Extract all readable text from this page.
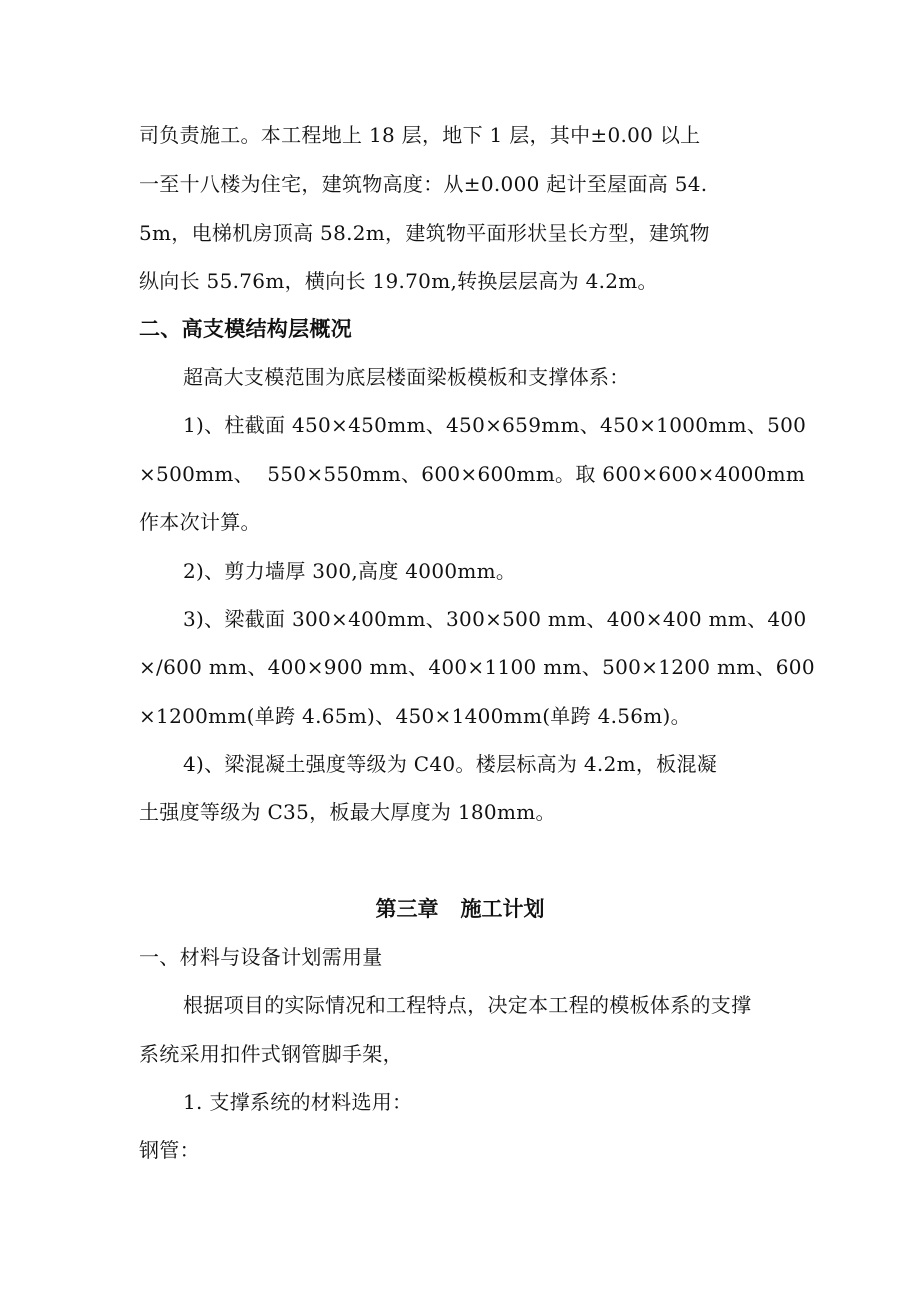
司负责施工。本工程地上 18 层，地下 1 层，其中±0.00 以上
一至十八楼为住宅，建筑物高度：从±0.000 起计至屋面高 54.
5m，电梯机房顶高 58.2m，建筑物平面形状呈长方型，建筑物
纵向长 55.76m，横向长 19.70m,转换层层高为 4.2m。
二、高支模结构层概况
超高大支模范围为底层楼面梁板模板和支撑体系：
1)、柱截面 450×450mm、450×659mm、450×1000mm、500
×500mm、  550×550mm、600×600mm。取 600×600×4000mm
作本次计算。
2)、剪力墙厚 300,高度 4000mm。
3)、梁截面 300×400mm、300×500 mm、400×400 mm、400
×/600 mm、400×900 mm、400×1100 mm、500×1200 mm、600
×1200mm(单跨 4.65m)、450×1400mm(单跨 4.56m)。
4)、梁混凝土强度等级为 C40。楼层标高为 4.2m，板混凝
土强度等级为 C35，板最大厚度为 180mm。
第三章   施工计划
一、材料与设备计划需用量
根据项目的实际情况和工程特点，决定本工程的模板体系的支撑
系统采用扣件式钢管脚手架，
1. 支撑系统的材料选用：
钢管：
